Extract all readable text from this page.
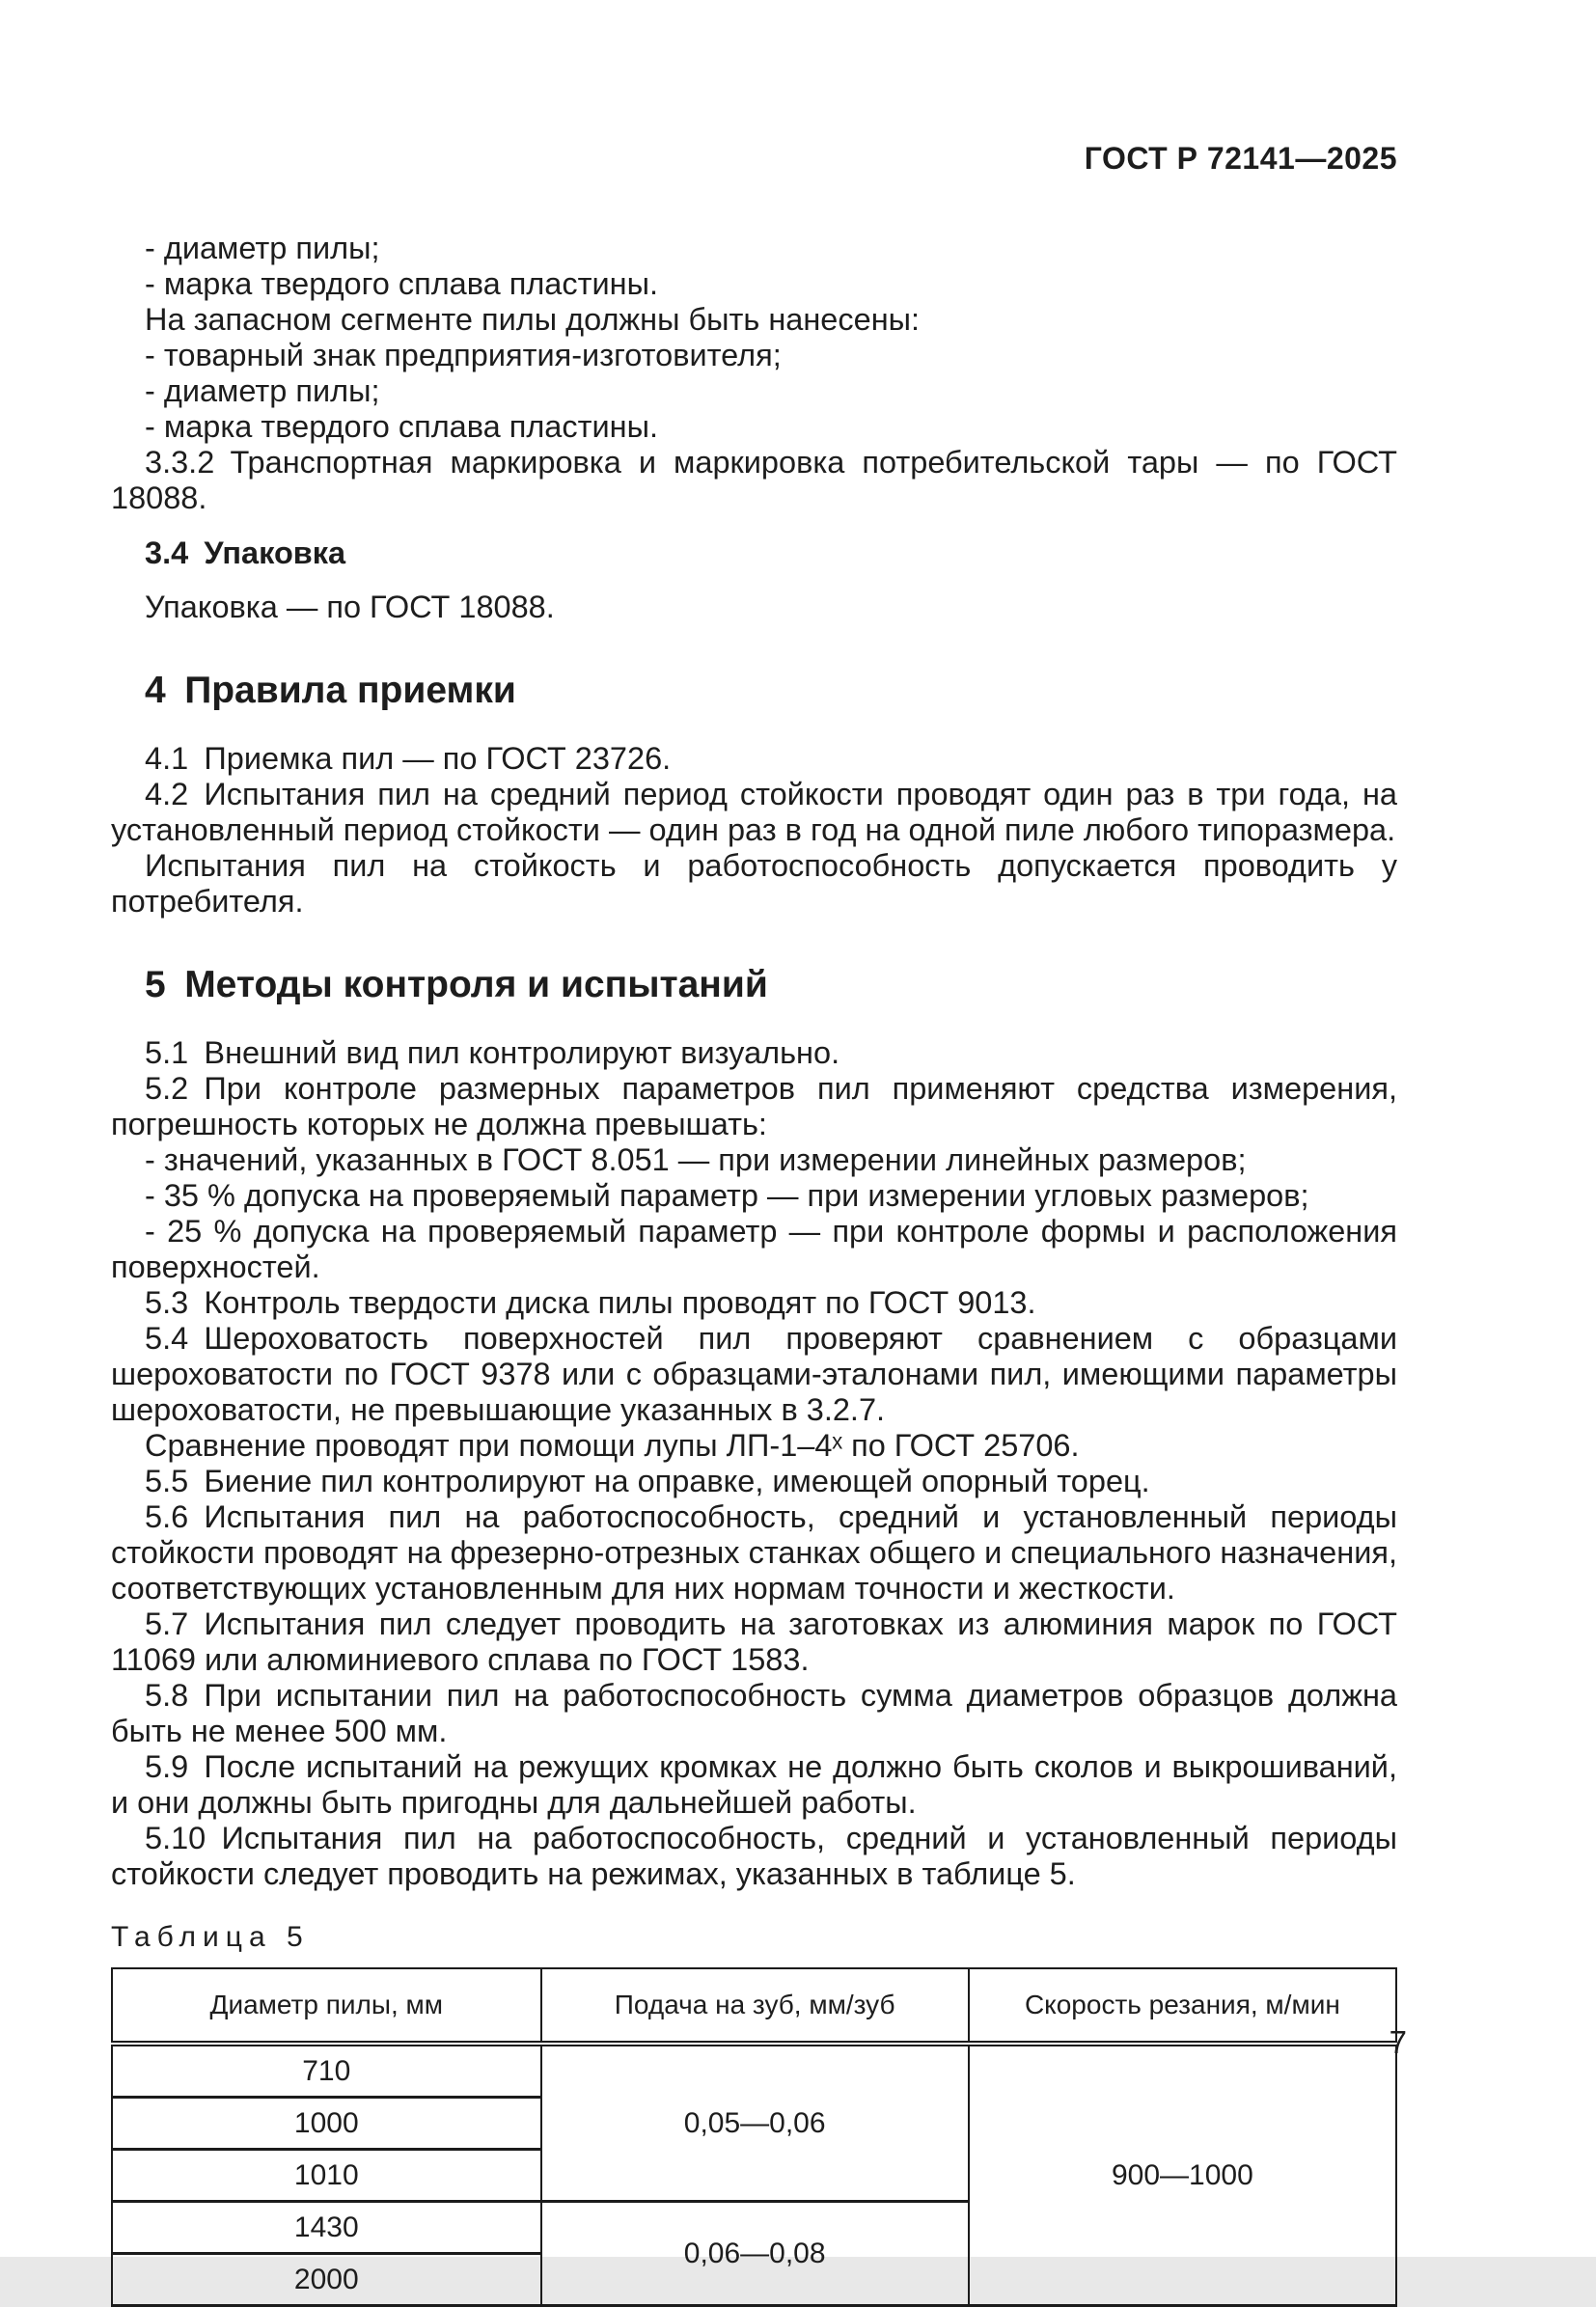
ГОСТ Р 72141—2025

- диаметр пилы;

- марка твердого сплава пластины.

На запасном сегменте пилы должны быть нанесены:

- товарный знак предприятия-изготовителя;

- диаметр пилы;

- марка твердого сплава пластины.

3.3.2 Транспортная маркировка и маркировка потребительской тары — по ГОСТ 18088.

3.4 Упаковка

Упаковка — по ГОСТ 18088.

4 Правила приемки

4.1 Приемка пил — по ГОСТ 23726.

4.2 Испытания пил на средний период стойкости проводят один раз в три года, на установленный период стойкости — один раз в год на одной пиле любого типоразмера.

Испытания пил на стойкость и работоспособность допускается проводить у потребителя.

5 Методы контроля и испытаний

5.1 Внешний вид пил контролируют визуально.

5.2 При контроле размерных параметров пил применяют средства измерения, погрешность которых не должна превышать:

- значений, указанных в ГОСТ 8.051 — при измерении линейных размеров;

- 35 % допуска на проверяемый параметр — при измерении угловых размеров;

- 25 % допуска на проверяемый параметр — при контроле формы и расположения поверхностей.

5.3 Контроль твердости диска пилы проводят по ГОСТ 9013.

5.4 Шероховатость поверхностей пил проверяют сравнением с образцами шероховатости по ГОСТ 9378 или с образцами-эталонами пил, имеющими параметры шероховатости, не превышающие указанных в 3.2.7.

Сравнение проводят при помощи лупы ЛП-1–4ˣ по ГОСТ 25706.

5.5 Биение пил контролируют на оправке, имеющей опорный торец.

5.6 Испытания пил на работоспособность, средний и установленный периоды стойкости проводят на фрезерно-отрезных станках общего и специального назначения, соответствующих установленным для них нормам точности и жесткости.

5.7 Испытания пил следует проводить на заготовках из алюминия марок по ГОСТ 11069 или алюминиевого сплава по ГОСТ 1583.

5.8 При испытании пил на работоспособность сумма диаметров образцов должна быть не менее 500 мм.

5.9 После испытаний на режущих кромках не должно быть сколов и выкрошиваний, и они должны быть пригодны для дальнейшей работы.

5.10 Испытания пил на работоспособность, средний и установленный периоды стойкости следует проводить на режимах, указанных в таблице 5.

Таблица 5

Диаметр пилы, мм	Подача на зуб, мм/зуб	Скорость резания, м/мин
710	0,05—0,06	900—1000
1000		
1010		
1430	0,06—0,08	
2000		
7
